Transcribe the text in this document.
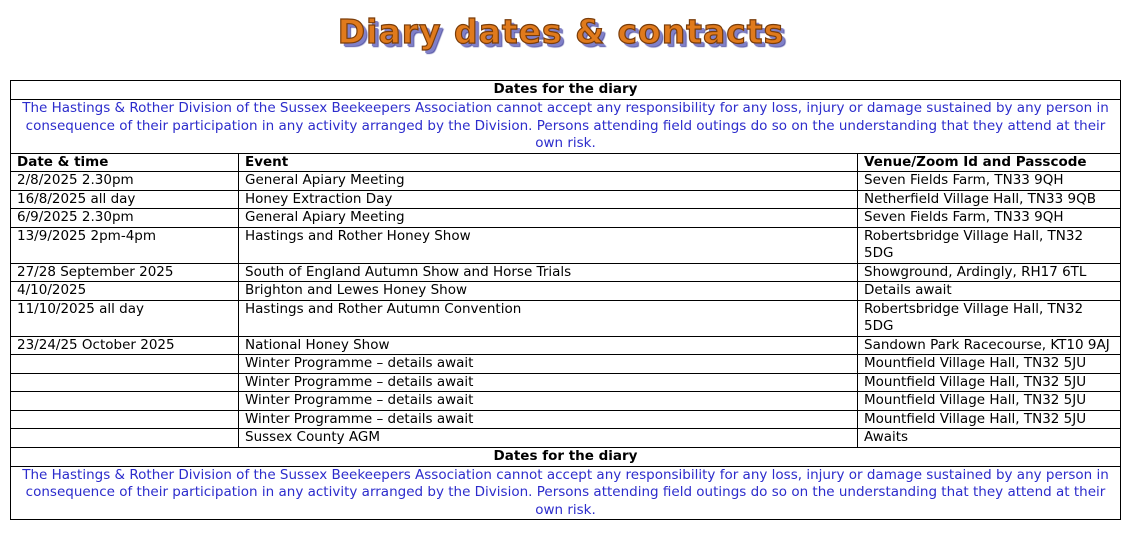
Diary dates & contacts
Dates for the diary		
The Hastings & Rother Division of the Sussex Beekeepers Association cannot accept any responsibility for any loss, injury or damage sustained by any person in consequence of their participation in any activity arranged by the Division. Persons attending field outings do so on the understanding that they attend at their own risk.		
Date & time	Event	Venue/Zoom Id and Passcode
2/8/2025 2.30pm	General Apiary Meeting	Seven Fields Farm, TN33 9QH
16/8/2025 all day	Honey Extraction Day	Netherfield Village Hall, TN33 9QB
6/9/2025 2.30pm	General Apiary Meeting	Seven Fields Farm, TN33 9QH
13/9/2025 2pm-4pm	Hastings and Rother Honey Show	Robertsbridge Village Hall, TN32 5DG
27/28 September 2025	South of England Autumn Show and Horse Trials	Showground, Ardingly, RH17 6TL
4/10/2025	Brighton and Lewes Honey Show	Details await
11/10/2025 all day	Hastings and Rother Autumn Convention	Robertsbridge Village Hall, TN32 5DG
23/24/25 October 2025	National Honey Show	Sandown Park Racecourse, KT10 9AJ
	Winter Programme – details await	Mountfield Village Hall, TN32 5JU
	Winter Programme – details await	Mountfield Village Hall, TN32 5JU
	Winter Programme – details await	Mountfield Village Hall, TN32 5JU
	Winter Programme – details await	Mountfield Village Hall, TN32 5JU
	Sussex County AGM	Awaits
Dates for the diary		
The Hastings & Rother Division of the Sussex Beekeepers Association cannot accept any responsibility for any loss, injury or damage sustained by any person in consequence of their participation in any activity arranged by the Division. Persons attending field outings do so on the understanding that they attend at their own risk.		
